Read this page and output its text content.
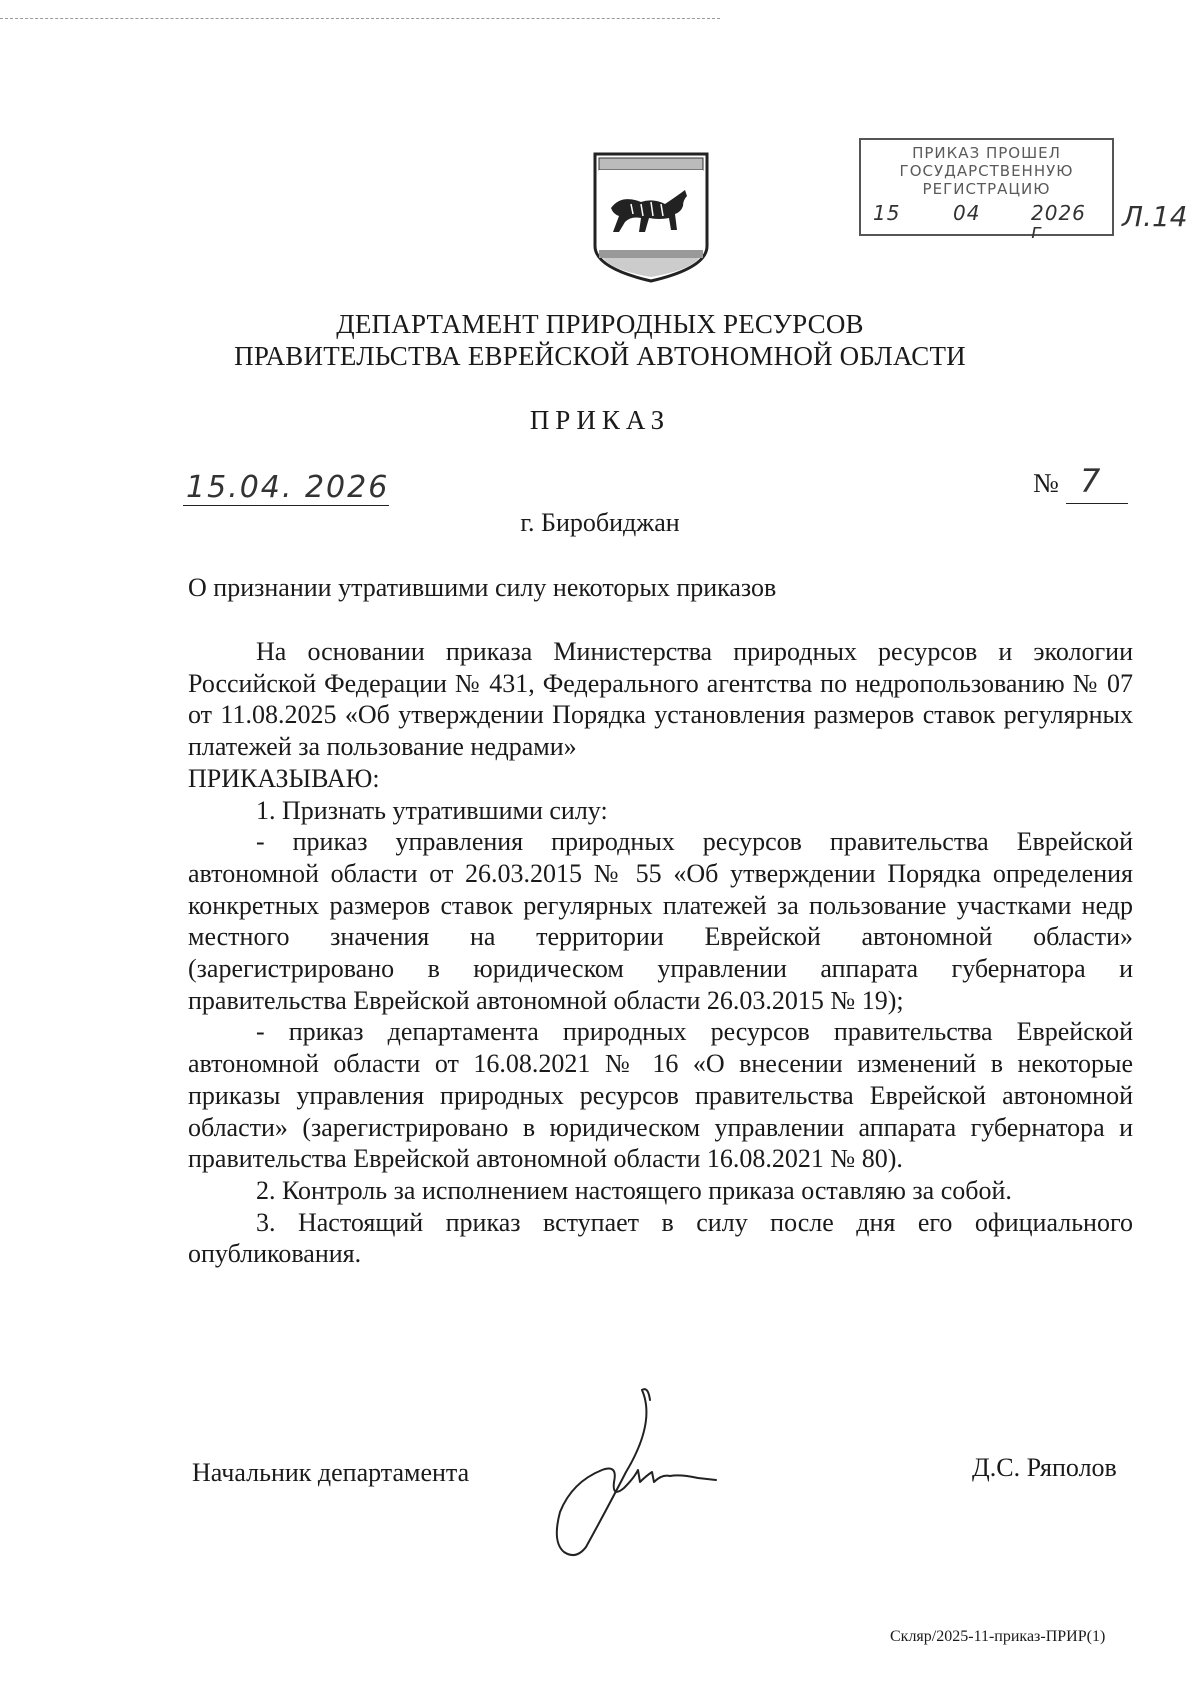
ПРИКАЗ ПРОШЕЛ
ГОСУДАРСТВЕННУЮ
РЕГИСТРАЦИЮ
15	04	2026 г	Л.14
ДЕПАРТАМЕНТ ПРИРОДНЫХ РЕСУРСОВ
ПРАВИТЕЛЬСТВА ЕВРЕЙСКОЙ АВТОНОМНОЙ ОБЛАСТИ
ПРИКАЗ
15.04. 2026	№ 7
г. Биробиджан
О признании утратившими силу некоторых приказов

На основании приказа Министерства природных ресурсов и экологии Российской Федерации № 431, Федерального агентства по недропользованию № 07 от 11.08.2025 «Об утверждении Порядка установления размеров ставок регулярных платежей за пользование недрами»

ПРИКАЗЫВАЮ:

1. Признать утратившими силу:

- приказ управления природных ресурсов правительства Еврейской автономной области от 26.03.2015 № 55 «Об утверждении Порядка определения конкретных размеров ставок регулярных платежей за пользование участками недр местного значения на территории Еврейской автономной области» (зарегистрировано в юридическом управлении аппарата губернатора и правительства Еврейской автономной области 26.03.2015 № 19);

- приказ департамента природных ресурсов правительства Еврейской автономной области от 16.08.2021 № 16 «О внесении изменений в некоторые приказы управления природных ресурсов правительства Еврейской автономной области» (зарегистрировано в юридическом управлении аппарата губернатора и правительства Еврейской автономной области 16.08.2021 № 80).

2. Контроль за исполнением настоящего приказа оставляю за собой.

3. Настоящий приказ вступает в силу после дня его официального опубликования.

Начальник департамента	Д.С. Ряполов
Скляр/2025-11-приказ-ПРИР(1)
